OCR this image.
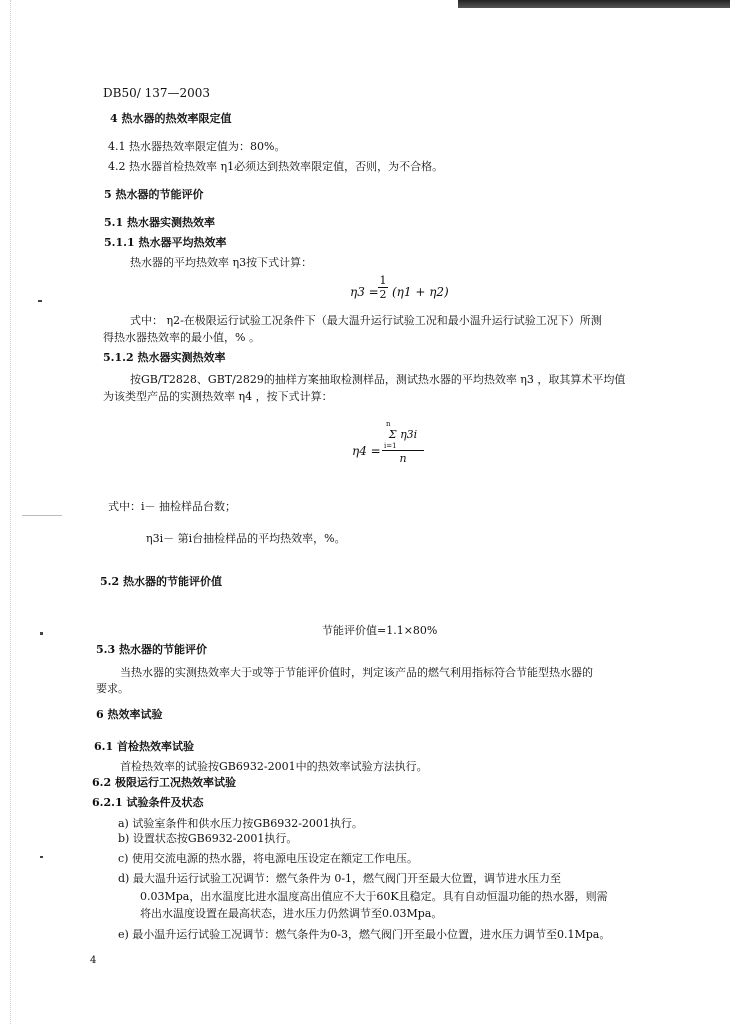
DB50/ 137—2003
4 热水器的热效率限定值
4.1 热水器热效率限定值为：80%。
4.2 热水器首检热效率 η1必须达到热效率限定值，否则，为不合格。
5 热水器的节能评价
5.1 热水器实测热效率
5.1.1 热水器平均热效率
热水器的平均热效率 η3按下式计算：
η3 =
1
2 (η1 + η2)
式中： η2-在极限运行试验工况条件下（最大温升运行试验工况和最小温升运行试验工况下）所测
得热水器热效率的最小值，% 。
5.1.2 热水器实测热效率
按GB/T2828、GBT/2829的抽样方案抽取检测样品，测试热水器的平均热效率 η3 ，取其算术平均值
为该类型产品的实测热效率 η4 ，按下式计算：
η4 =
n
Σ η3i
i=1
n
式中：i－ 抽检样品台数；
η3i－ 第i台抽检样品的平均热效率，%。
5.2 热水器的节能评价值
节能评价值=1.1×80%
5.3 热水器的节能评价
当热水器的实测热效率大于或等于节能评价值时，判定该产品的燃气利用指标符合节能型热水器的
要求。
6 热效率试验
6.1 首检热效率试验
首检热效率的试验按GB6932-2001中的热效率试验方法执行。
6.2 极限运行工况热效率试验
6.2.1 试验条件及状态
a) 试验室条件和供水压力按GB6932-2001执行。
b) 设置状态按GB6932-2001执行。
c) 使用交流电源的热水器，将电源电压设定在额定工作电压。
d) 最大温升运行试验工况调节：燃气条件为 0-1，燃气阀门开至最大位置，调节进水压力至
0.03Mpa，出水温度比进水温度高出值应不大于60K且稳定。具有自动恒温功能的热水器，则需
将出水温度设置在最高状态，进水压力仍然调节至0.03Mpa。
e) 最小温升运行试验工况调节：燃气条件为0-3，燃气阀门开至最小位置，进水压力调节至0.1Mpa。
4
